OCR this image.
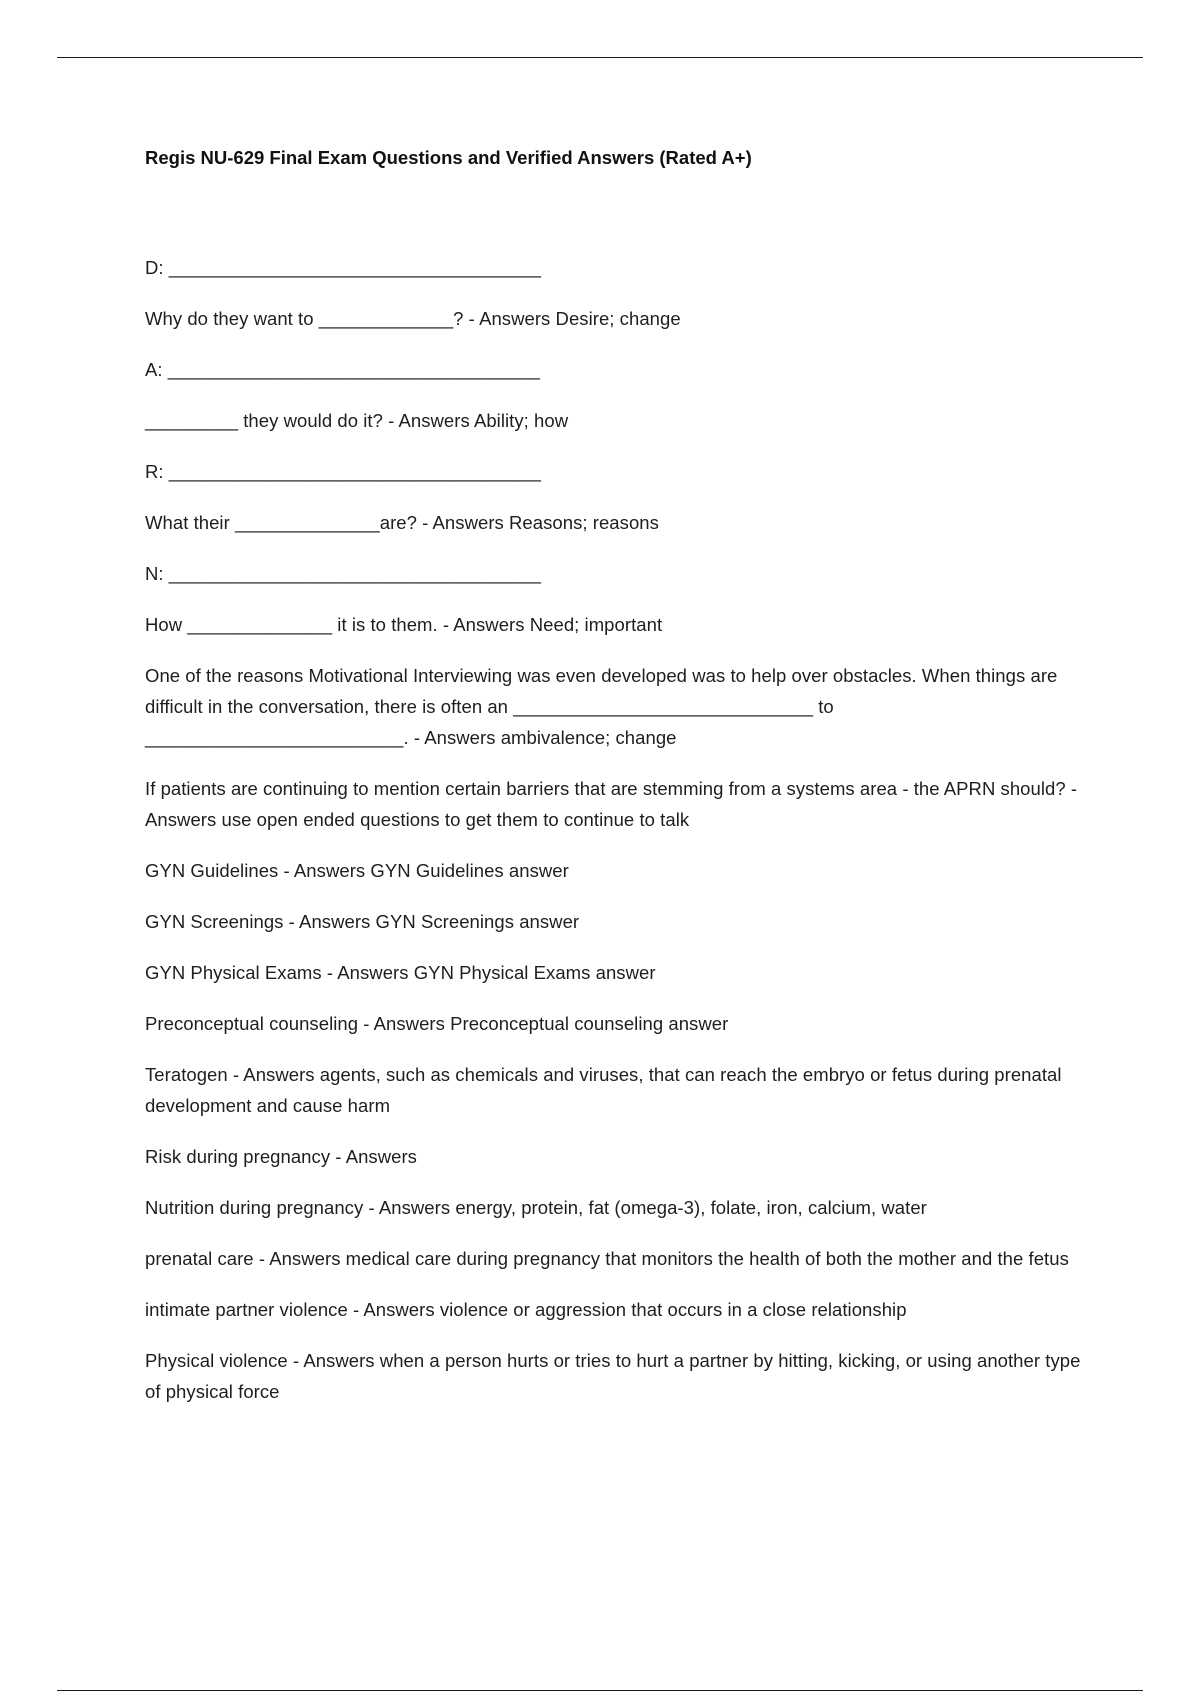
Regis NU-629 Final Exam Questions and Verified Answers (Rated A+)

D: ____________________________________

Why do they want to _____________? - Answers Desire; change

A: ____________________________________

_________ they would do it? - Answers Ability; how

R: ____________________________________

What their ______________are? - Answers Reasons; reasons

N: ____________________________________

How ______________ it is to them. - Answers Need; important

One of the reasons Motivational Interviewing was even developed was to help over obstacles. When things are difficult in the conversation, there is often an _____________________________ to _________________________. - Answers ambivalence; change

If patients are continuing to mention certain barriers that are stemming from a systems area - the APRN should? - Answers use open ended questions to get them to continue to talk

GYN Guidelines - Answers GYN Guidelines answer

GYN Screenings - Answers GYN Screenings answer

GYN Physical Exams - Answers GYN Physical Exams answer

Preconceptual counseling - Answers Preconceptual counseling answer

Teratogen - Answers agents, such as chemicals and viruses, that can reach the embryo or fetus during prenatal development and cause harm

Risk during pregnancy - Answers

Nutrition during pregnancy - Answers energy, protein, fat (omega-3), folate, iron, calcium, water

prenatal care - Answers medical care during pregnancy that monitors the health of both the mother and the fetus

intimate partner violence - Answers violence or aggression that occurs in a close relationship

Physical violence - Answers when a person hurts or tries to hurt a partner by hitting, kicking, or using another type of physical force
